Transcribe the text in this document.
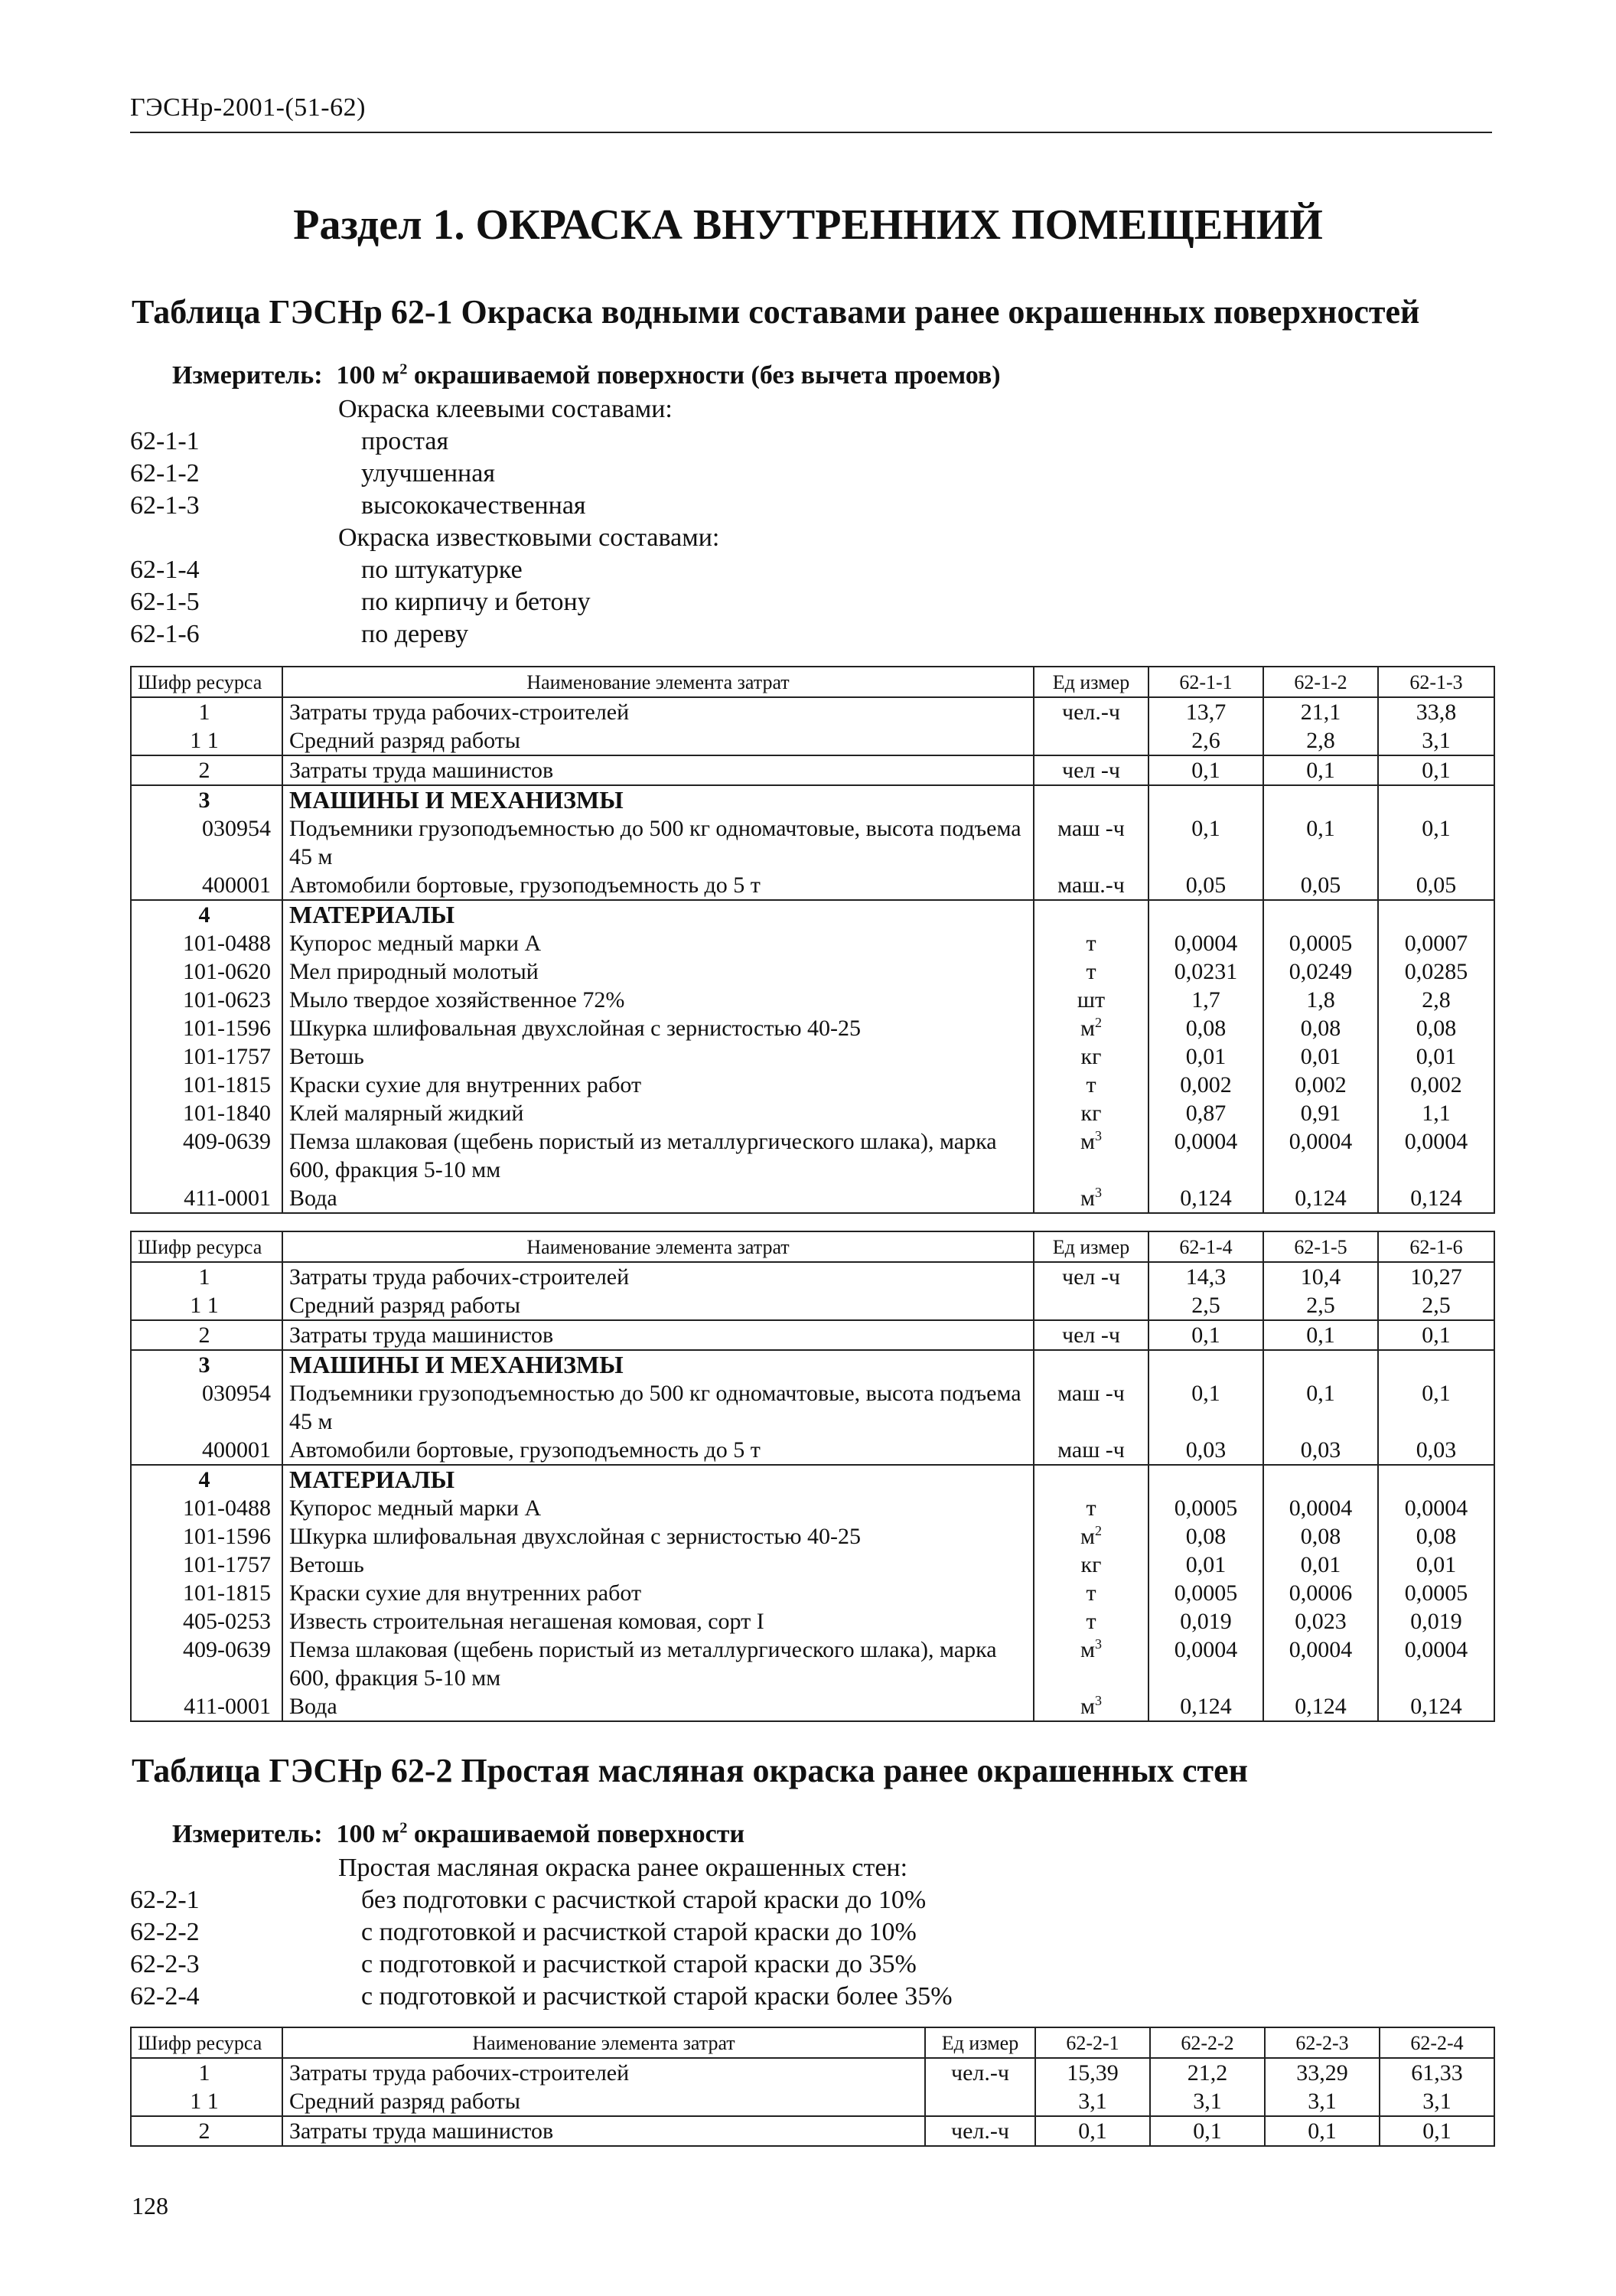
ГЭСНр-2001-(51-62)
Раздел 1. ОКРАСКА ВНУТРЕННИХ ПОМЕЩЕНИЙ
Таблица ГЭСНр 62-1 Окраска водными составами ранее окрашенных поверхностей
Измеритель: 100 $м^2$ окрашиваемой поверхности (без вычета проемов)
Окраска клеевыми составами:
62-1-1	простая
62-1-2	улучшенная
62-1-3	высококачественная
Окраска известковыми составами:
62-1-4	по штукатурке
62-1-5	по кирпичу и бетону
62-1-6	по дереву
Шифр ресурса	Наименование элемента затрат	Ед измер	62-1-1	62-1-2	62-1-3
1	Затраты труда рабочих-строителей	чел.-ч	13,7	21,1	33,8
1 1	Средний разряд работы		2,6	2,8	3,1
2	Затраты труда машинистов	чел -ч	0,1	0,1	0,1
3	МАШИНЫ И МЕХАНИЗМЫ				
030954	Подъемники грузоподъемностью до 500 кг одномачтовые, высота подъема 45 м	маш -ч	0,1	0,1	0,1
400001	Автомобили бортовые, грузоподъемность до 5 т	маш.-ч	0,05	0,05	0,05
4	МАТЕРИАЛЫ				
101-0488	Купорос медный марки А	т	0,0004	0,0005	0,0007
101-0620	Мел природный молотый	т	0,0231	0,0249	0,0285
101-0623	Мыло твердое хозяйственное 72%	шт	1,7	1,8	2,8
101-1596	Шкурка шлифовальная двухслойная с зернистостью 40-25	$м^2$	0,08	0,08	0,08
101-1757	Ветошь	кг	0,01	0,01	0,01
101-1815	Краски сухие для внутренних работ	т	0,002	0,002	0,002
101-1840	Клей малярный жидкий	кг	0,87	0,91	1,1
409-0639	Пемза шлаковая (щебень пористый из металлургического шлака), марка 600, фракция 5-10 мм	$м^3$	0,0004	0,0004	0,0004
411-0001	Вода	$м^3$	0,124	0,124	0,124
Шифр ресурса	Наименование элемента затрат	Ед измер	62-1-4	62-1-5	62-1-6
1	Затраты труда рабочих-строителей	чел -ч	14,3	10,4	10,27
1 1	Средний разряд работы		2,5	2,5	2,5
2	Затраты труда машинистов	чел -ч	0,1	0,1	0,1
3	МАШИНЫ И МЕХАНИЗМЫ				
030954	Подъемники грузоподъемностью до 500 кг одномачтовые, высота подъема 45 м	маш -ч	0,1	0,1	0,1
400001	Автомобили бортовые, грузоподъемность до 5 т	маш -ч	0,03	0,03	0,03
4	МАТЕРИАЛЫ				
101-0488	Купорос медный марки А	т	0,0005	0,0004	0,0004
101-1596	Шкурка шлифовальная двухслойная с зернистостью 40-25	$м^2$	0,08	0,08	0,08
101-1757	Ветошь	кг	0,01	0,01	0,01
101-1815	Краски сухие для внутренних работ	т	0,0005	0,0006	0,0005
405-0253	Известь строительная негашеная комовая, сорт I	т	0,019	0,023	0,019
409-0639	Пемза шлаковая (щебень пористый из металлургического шлака), марка 600, фракция 5-10 мм	$м^3$	0,0004	0,0004	0,0004
411-0001	Вода	$м^3$	0,124	0,124	0,124
Таблица ГЭСНр 62-2 Простая масляная окраска ранее окрашенных стен
Измеритель: 100 $м^2$ окрашиваемой поверхности
Простая масляная окраска ранее окрашенных стен:
62-2-1	без подготовки с расчисткой старой краски до 10%
62-2-2	с подготовкой и расчисткой старой краски до 10%
62-2-3	с подготовкой и расчисткой старой краски до 35%
62-2-4	с подготовкой и расчисткой старой краски более 35%
Шифр ресурса	Наименование элемента затрат	Ед измер	62-2-1	62-2-2	62-2-3	62-2-4
1	Затраты труда рабочих-строителей	чел.-ч	15,39	21,2	33,29	61,33
1 1	Средний разряд работы		3,1	3,1	3,1	3,1
2	Затраты труда машинистов	чел.-ч	0,1	0,1	0,1	0,1
128
